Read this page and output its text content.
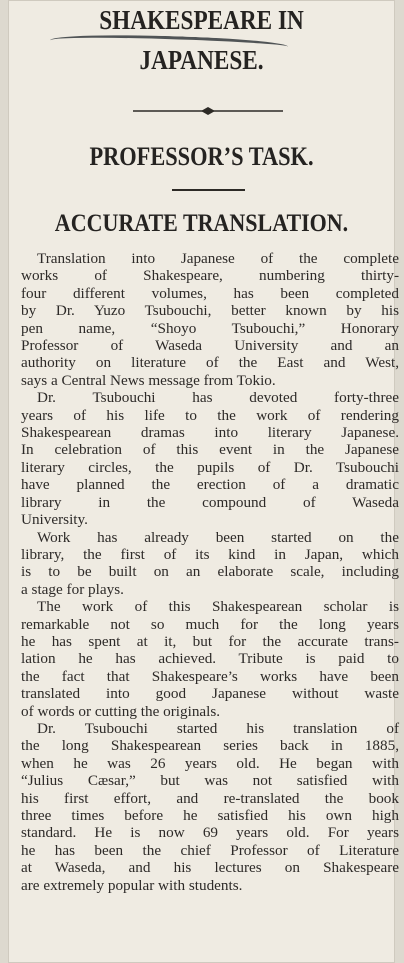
SHAKESPEARE IN
JAPANESE.
PROFESSOR’S TASK.
ACCURATE TRANSLATION.
Translation into Japanese of the complete
works of Shakespeare, numbering thirty-
four different volumes, has been completed
by Dr. Yuzo Tsubouchi, better known by his
pen name, “Shoyo Tsubouchi,” Honorary
Professor of Waseda University and an
authority on literature of the East and West,
says a Central News message from Tokio.
Dr. Tsubouchi has devoted forty-three
years of his life to the work of rendering
Shakespearean dramas into literary Japanese.
In celebration of this event in the Japanese
literary circles, the pupils of Dr. Tsubouchi
have planned the erection of a dramatic
library in the compound of Waseda
University.
Work has already been started on the
library, the first of its kind in Japan, which
is to be built on an elaborate scale, including
a stage for plays.
The work of this Shakespearean scholar is
remarkable not so much for the long years
he has spent at it, but for the accurate trans-
lation he has achieved. Tribute is paid to
the fact that Shakespeare’s works have been
translated into good Japanese without waste
of words or cutting the originals.
Dr. Tsubouchi started his translation of
the long Shakespearean series back in 1885,
when he was 26 years old. He began with
“Julius Cæsar,” but was not satisfied with
his first effort, and re-translated the book
three times before he satisfied his own high
standard. He is now 69 years old. For years
he has been the chief Professor of Literature
at Waseda, and his lectures on Shakespeare
are extremely popular with students.
